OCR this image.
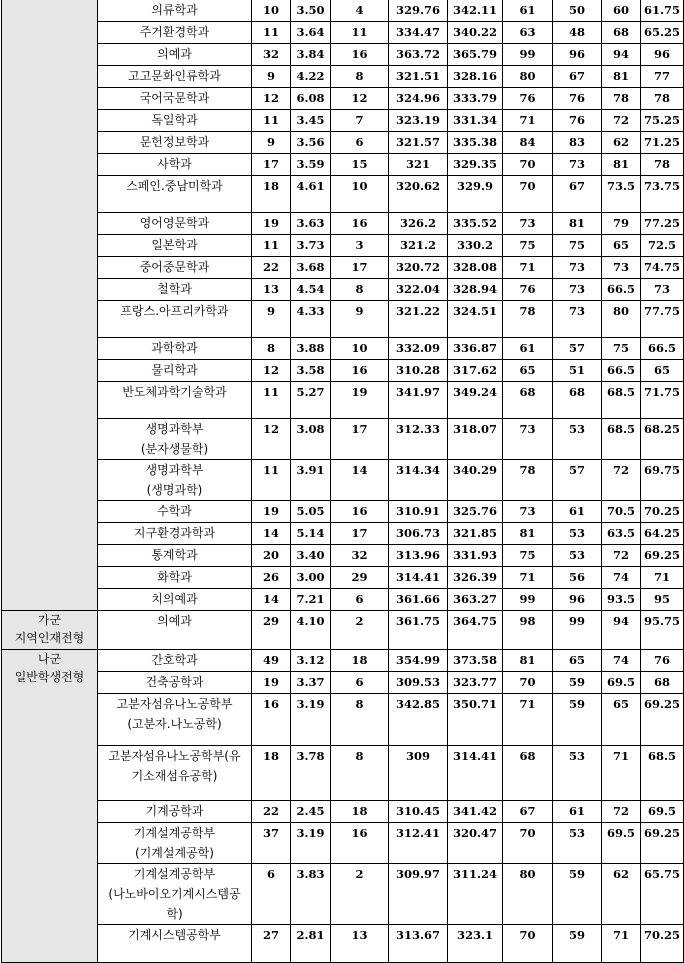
	의류학과	10	3.50	4	329.76	342.11	61	50	60	61.75
	주거환경학과	11	3.64	11	334.47	340.22	63	48	68	65.25
	의예과	32	3.84	16	363.72	365.79	99	96	94	96
	고고문화인류학과	9	4.22	8	321.51	328.16	80	67	81	77
	국어국문학과	12	6.08	12	324.96	333.79	76	76	78	78
	독일학과	11	3.45	7	323.19	331.34	71	76	72	75.25
	문헌정보학과	9	3.56	6	321.57	335.38	84	83	62	71.25
	사학과	17	3.59	15	321	329.35	70	73	81	78
	스페인.중남미학과	18	4.61	10	320.62	329.9	70	67	73.5	73.75
	영어영문학과	19	3.63	16	326.2	335.52	73	81	79	77.25
	일본학과	11	3.73	3	321.2	330.2	75	75	65	72.5
	중어중문학과	22	3.68	17	320.72	328.08	71	73	73	74.75
	철학과	13	4.54	8	322.04	328.94	76	73	66.5	73
	프랑스.아프리카학과	9	4.33	9	321.22	324.51	78	73	80	77.75
	과학학과	8	3.88	10	332.09	336.87	61	57	75	66.5
	물리학과	12	3.58	16	310.28	317.62	65	51	66.5	65
	반도체과학기술학과	11	5.27	19	341.97	349.24	68	68	68.5	71.75
	생명과학부
(분자생물학)	12	3.08	17	312.33	318.07	73	53	68.5	68.25
	생명과학부
(생명과학)	11	3.91	14	314.34	340.29	78	57	72	69.75
	수학과	19	5.05	16	310.91	325.76	73	61	70.5	70.25
	지구환경과학과	14	5.14	17	306.73	321.85	81	53	63.5	64.25
	통계학과	20	3.40	32	313.96	331.93	75	53	72	69.25
	화학과	26	3.00	29	314.41	326.39	71	56	74	71
	치의예과	14	7.21	6	361.66	363.27	99	96	93.5	95
가군
지역인재전형	의예과	29	4.10	2	361.75	364.75	98	99	94	95.75
나군
일반학생전형	간호학과	49	3.12	18	354.99	373.58	81	65	74	76
	건축공학과	19	3.37	6	309.53	323.77	70	59	69.5	68
	고분자섬유나노공학부
(고분자.나노공학)	16	3.19	8	342.85	350.71	71	59	65	69.25
	고분자섬유나노공학부(유
기소재섬유공학)	18	3.78	8	309	314.41	68	53	71	68.5
	기계공학과	22	2.45	18	310.45	341.42	67	61	72	69.5
	기계설계공학부
(기계설계공학)	37	3.19	16	312.41	320.47	70	53	69.5	69.25
	기계설계공학부
(나노바이오기계시스템공
학)	6	3.83	2	309.97	311.24	80	59	62	65.75
	기계시스템공학부	27	2.81	13	313.67	323.1	70	59	71	70.25
